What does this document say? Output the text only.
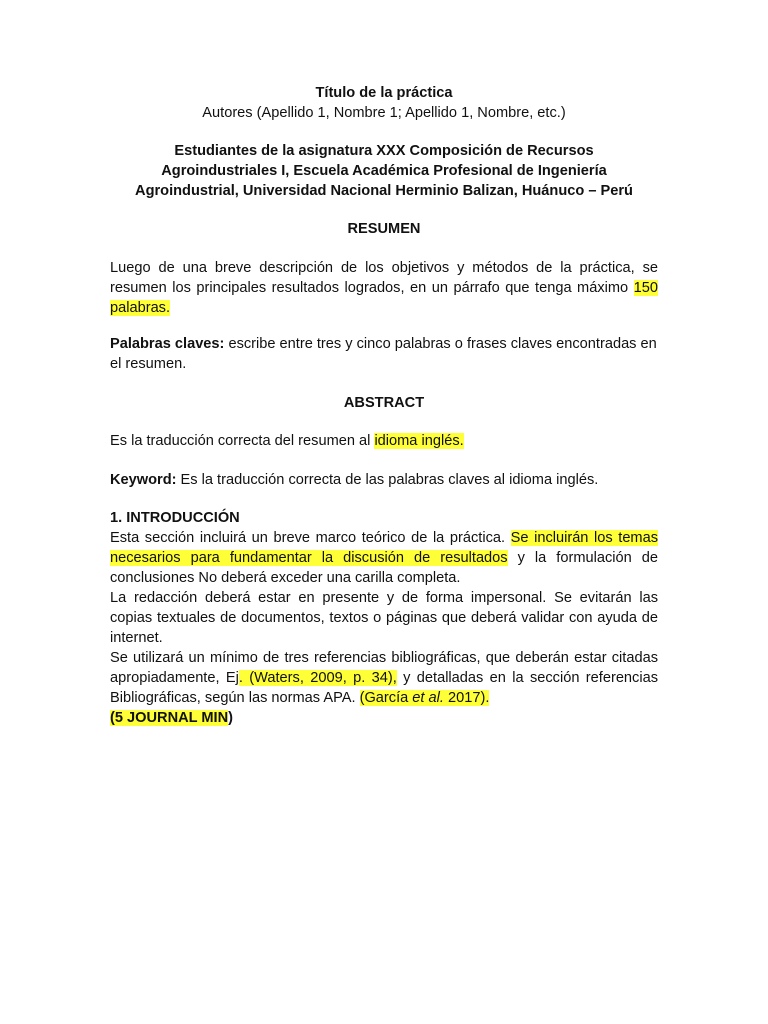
Título de la práctica

Autores (Apellido 1, Nombre 1; Apellido 1, Nombre, etc.)

Estudiantes de la asignatura XXX Composición de Recursos
Agroindustriales I, Escuela Académica Profesional de Ingeniería
Agroindustrial, Universidad Nacional Herminio Balizan, Huánuco – Perú

RESUMEN

Luego de una breve descripción de los objetivos y métodos de la práctica, se resumen los principales resultados logrados, en un párrafo que tenga máximo 150 palabras.

Palabras claves: escribe entre tres y cinco palabras o frases claves encontradas en el resumen.

ABSTRACT

Es la traducción correcta del resumen al idioma inglés.

Keyword: Es la traducción correcta de las palabras claves al idioma inglés.

1. INTRODUCCIÓN

Esta sección incluirá un breve marco teórico de la práctica. Se incluirán los temas necesarios para fundamentar la discusión de resultados y la formulación de conclusiones No deberá exceder una carilla completa.

La redacción deberá estar en presente y de forma impersonal. Se evitarán las copias textuales de documentos, textos o páginas que deberá validar con ayuda de internet.

Se utilizará un mínimo de tres referencias bibliográficas, que deberán estar citadas apropiadamente, Ej. (Waters, 2009, p. 34), y detalladas en la sección referencias Bibliográficas, según las normas APA. (García et al. 2017).

(5 JOURNAL MIN)
